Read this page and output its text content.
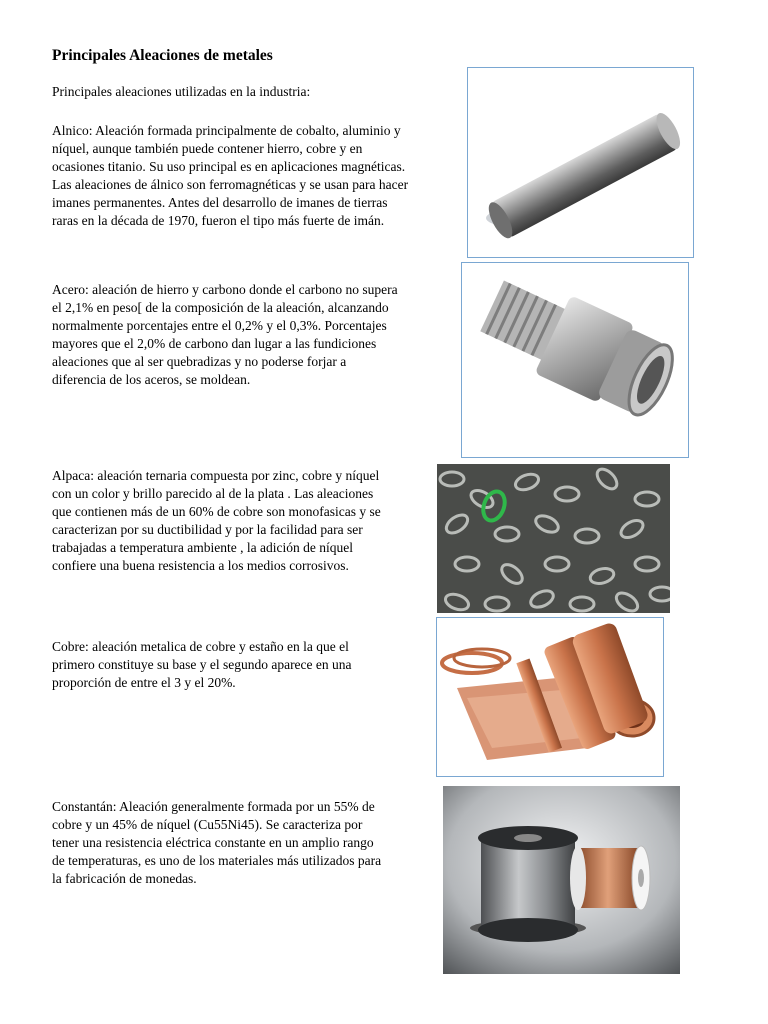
Principales Aleaciones de metales

Principales aleaciones utilizadas en la industria:

Alnico: Aleación formada principalmente de cobalto, aluminio y
níquel, aunque también puede contener hierro, cobre y en
ocasiones titanio. Su uso principal es en aplicaciones magnéticas.
Las aleaciones de álnico son ferromagnéticas y se usan para hacer
imanes permanentes. Antes del desarrollo de imanes de tierras
raras en la década de 1970, fueron el tipo más fuerte de imán.

Acero: aleación de hierro y carbono donde el carbono no supera
el 2,1% en peso[ de la composición de la aleación, alcanzando
normalmente porcentajes entre el 0,2% y el 0,3%. Porcentajes
mayores que el 2,0% de carbono dan lugar a las fundiciones
aleaciones que al ser quebradizas y no poderse forjar a
diferencia de los aceros, se moldean.

Alpaca: aleación ternaria compuesta por zinc, cobre y níquel
con un color y brillo parecido al de la plata . Las aleaciones
que contienen más de un 60% de cobre son monofasicas y se
caracterizan por su ductibilidad y por la facilidad para ser
trabajadas a temperatura ambiente , la adición de níquel
confiere una buena resistencia a los medios corrosivos.

Cobre: aleación metalica de cobre y estaño en la que el
primero constituye su base y el segundo aparece en una
proporción de entre el 3 y el 20%.

Constantán: Aleación generalmente formada por un 55% de
cobre y un 45% de níquel (Cu55Ni45). Se caracteriza por
tener una resistencia eléctrica constante en un amplio rango
de temperaturas, es uno de los materiales más utilizados para
la fabricación de monedas.
